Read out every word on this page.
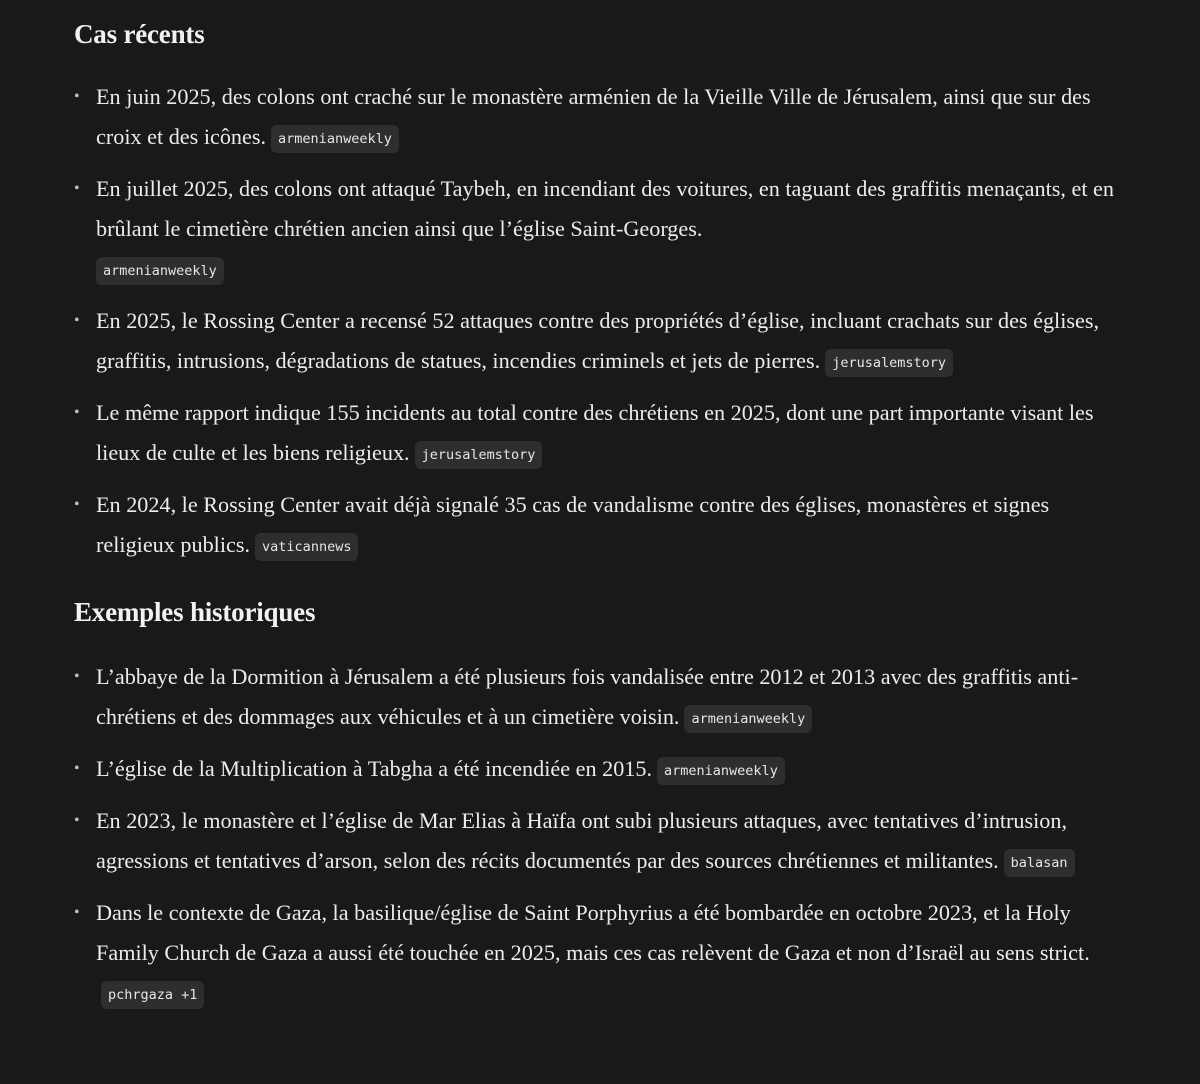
Cas récents
• En juin 2025, des colons ont craché sur le monastère arménien de la Vieille Ville de Jérusalem, ainsi que sur des croix et des icônes. armenianweekly
• En juillet 2025, des colons ont attaqué Taybeh, en incendiant des voitures, en taguant des graffitis menaçants, et en brûlant le cimetière chrétien ancien ainsi que l’église Saint-Georges.
armenianweekly
• En 2025, le Rossing Center a recensé 52 attaques contre des propriétés d’église, incluant crachats sur des églises, graffitis, intrusions, dégradations de statues, incendies criminels et jets de pierres. jerusalemstory
• Le même rapport indique 155 incidents au total contre des chrétiens en 2025, dont une part importante visant les lieux de culte et les biens religieux. jerusalemstory
• En 2024, le Rossing Center avait déjà signalé 35 cas de vandalisme contre des églises, monastères et signes religieux publics. vaticannews
Exemples historiques
• L’abbaye de la Dormition à Jérusalem a été plusieurs fois vandalisée entre 2012 et 2013 avec des graffitis anti-chrétiens et des dommages aux véhicules et à un cimetière voisin. armenianweekly
• L’église de la Multiplication à Tabgha a été incendiée en 2015. armenianweekly
• En 2023, le monastère et l’église de Mar Elias à Haïfa ont subi plusieurs attaques, avec tentatives d’intrusion, agressions et tentatives d’arson, selon des récits documentés par des sources chrétiennes et militantes. balasan
• Dans le contexte de Gaza, la basilique/église de Saint Porphyrius a été bombardée en octobre 2023, et la Holy Family Church de Gaza a aussi été touchée en 2025, mais ces cas relèvent de Gaza et non d’Israël au sens strict.pchrgaza +1
